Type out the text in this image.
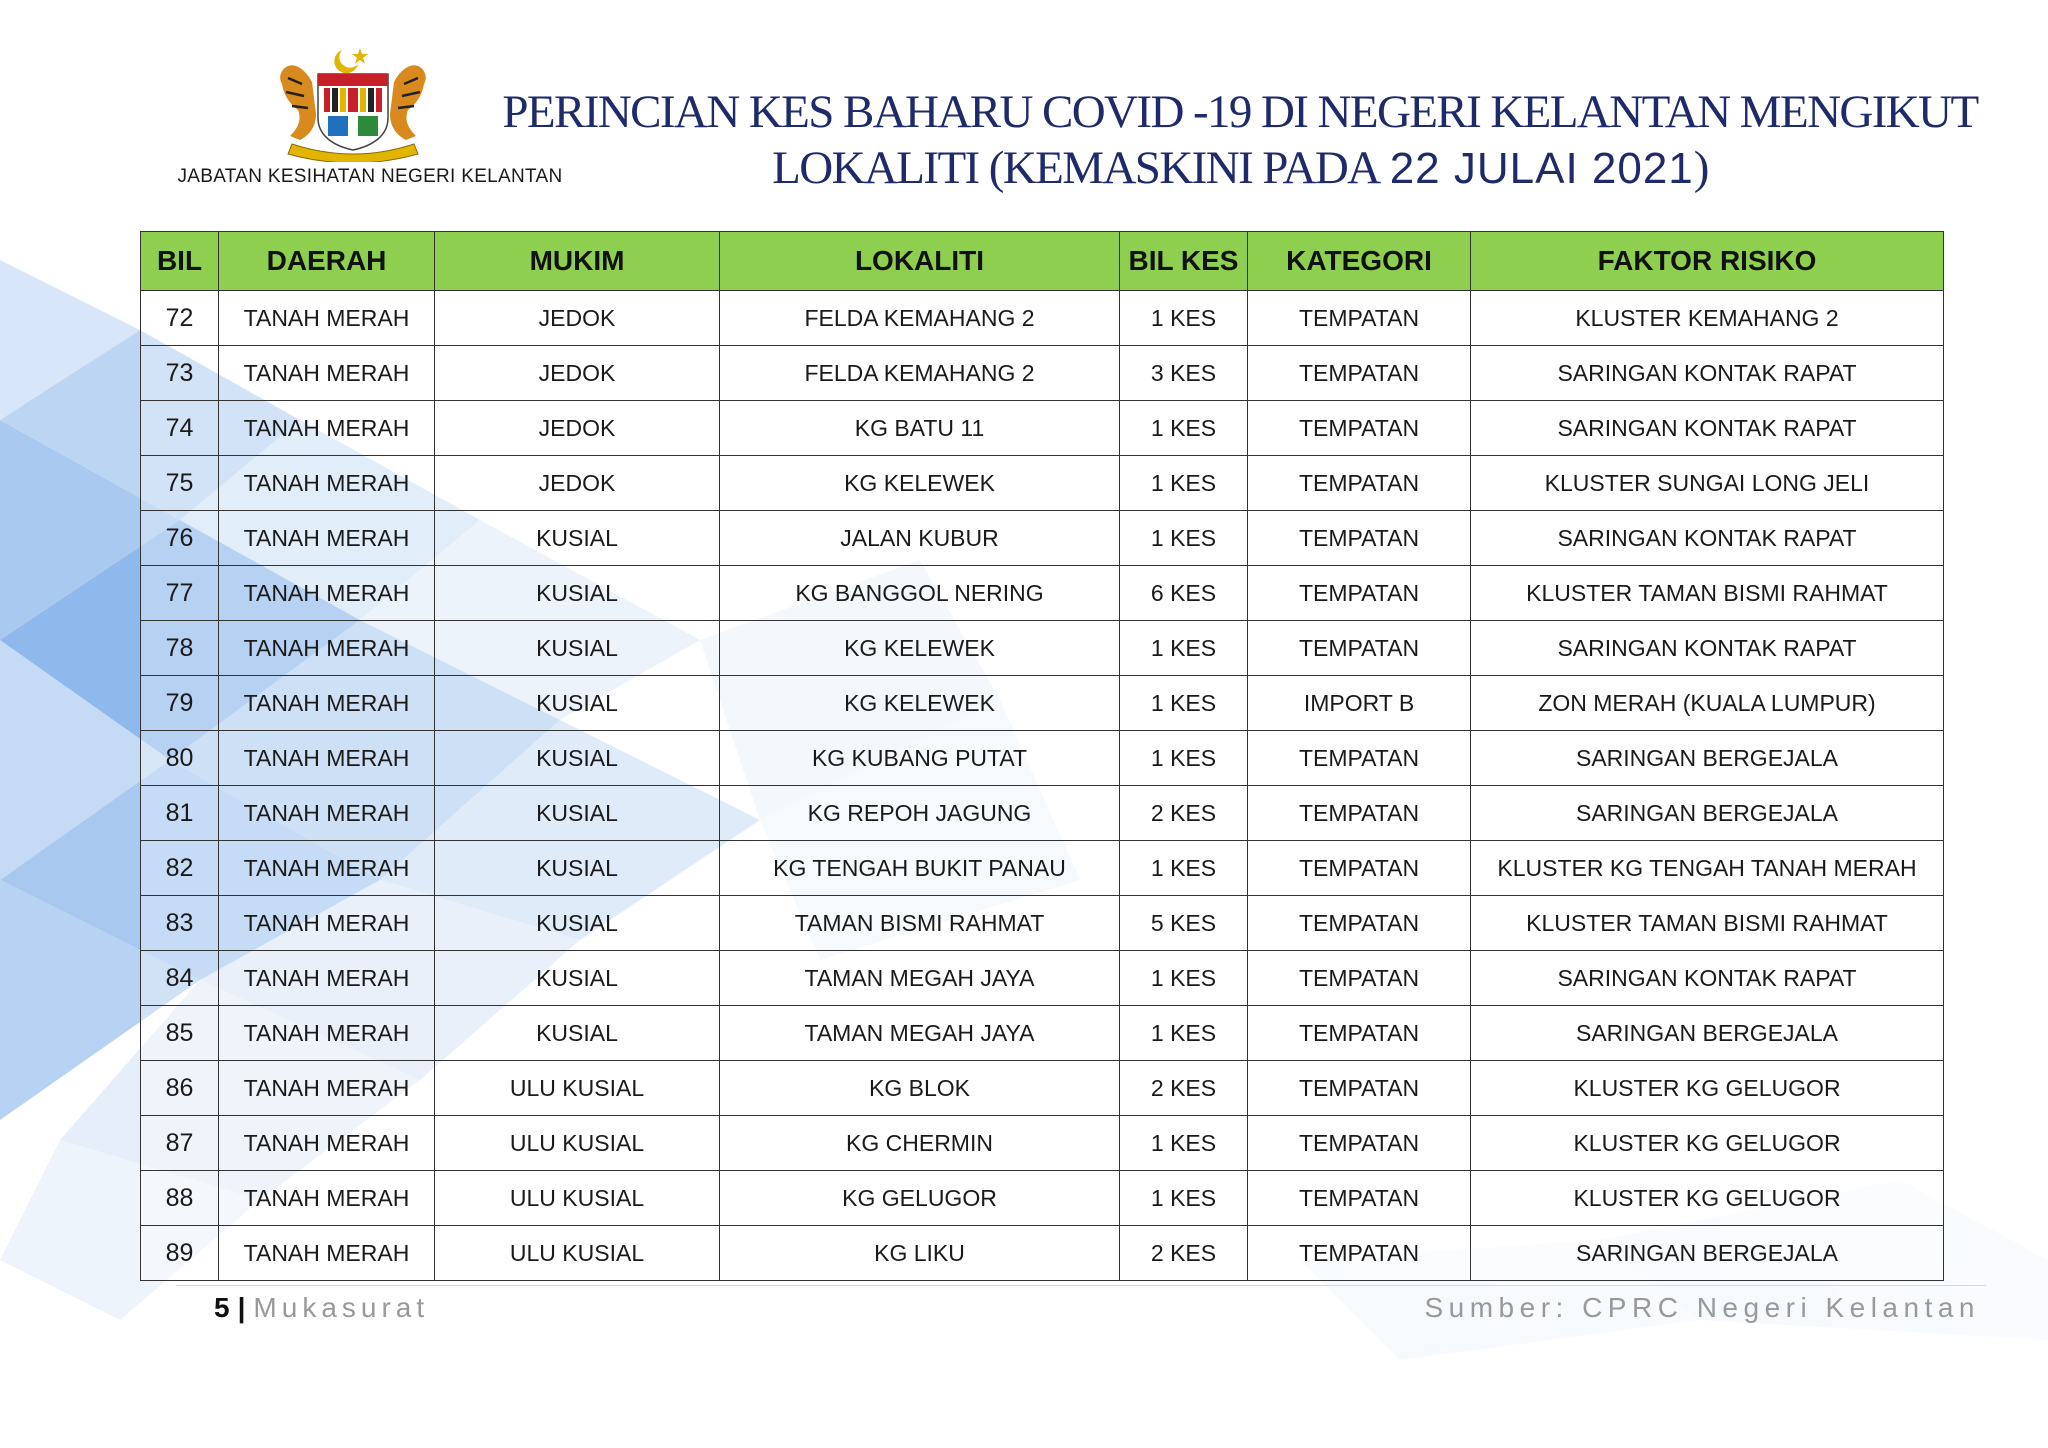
JABATAN KESIHATAN NEGERI KELANTAN
PERINCIAN KES BAHARU COVID -19 DI NEGERI KELANTAN MENGIKUT
LOKALITI (KEMASKINI PADA 22 JULAI 2021)
BIL	DAERAH	MUKIM	LOKALITI	BIL KES	KATEGORI	FAKTOR RISIKO
72	TANAH MERAH	JEDOK	FELDA KEMAHANG 2	1 KES	TEMPATAN	KLUSTER KEMAHANG 2
73	TANAH MERAH	JEDOK	FELDA KEMAHANG 2	3 KES	TEMPATAN	SARINGAN KONTAK RAPAT
74	TANAH MERAH	JEDOK	KG BATU 11	1 KES	TEMPATAN	SARINGAN KONTAK RAPAT
75	TANAH MERAH	JEDOK	KG KELEWEK	1 KES	TEMPATAN	KLUSTER SUNGAI LONG JELI
76	TANAH MERAH	KUSIAL	JALAN KUBUR	1 KES	TEMPATAN	SARINGAN KONTAK RAPAT
77	TANAH MERAH	KUSIAL	KG BANGGOL NERING	6 KES	TEMPATAN	KLUSTER TAMAN BISMI RAHMAT
78	TANAH MERAH	KUSIAL	KG KELEWEK	1 KES	TEMPATAN	SARINGAN KONTAK RAPAT
79	TANAH MERAH	KUSIAL	KG KELEWEK	1 KES	IMPORT B	ZON MERAH (KUALA LUMPUR)
80	TANAH MERAH	KUSIAL	KG KUBANG PUTAT	1 KES	TEMPATAN	SARINGAN BERGEJALA
81	TANAH MERAH	KUSIAL	KG REPOH JAGUNG	2 KES	TEMPATAN	SARINGAN BERGEJALA
82	TANAH MERAH	KUSIAL	KG TENGAH BUKIT PANAU	1 KES	TEMPATAN	KLUSTER KG TENGAH TANAH MERAH
83	TANAH MERAH	KUSIAL	TAMAN BISMI RAHMAT	5 KES	TEMPATAN	KLUSTER TAMAN BISMI RAHMAT
84	TANAH MERAH	KUSIAL	TAMAN MEGAH JAYA	1 KES	TEMPATAN	SARINGAN KONTAK RAPAT
85	TANAH MERAH	KUSIAL	TAMAN MEGAH JAYA	1 KES	TEMPATAN	SARINGAN BERGEJALA
86	TANAH MERAH	ULU KUSIAL	KG BLOK	2 KES	TEMPATAN	KLUSTER KG GELUGOR
87	TANAH MERAH	ULU KUSIAL	KG CHERMIN	1 KES	TEMPATAN	KLUSTER KG GELUGOR
88	TANAH MERAH	ULU KUSIAL	KG GELUGOR	1 KES	TEMPATAN	KLUSTER KG GELUGOR
89	TANAH MERAH	ULU KUSIAL	KG LIKU	2 KES	TEMPATAN	SARINGAN BERGEJALA
5 | Mukasurat	Sumber: CPRC Negeri Kelantan
